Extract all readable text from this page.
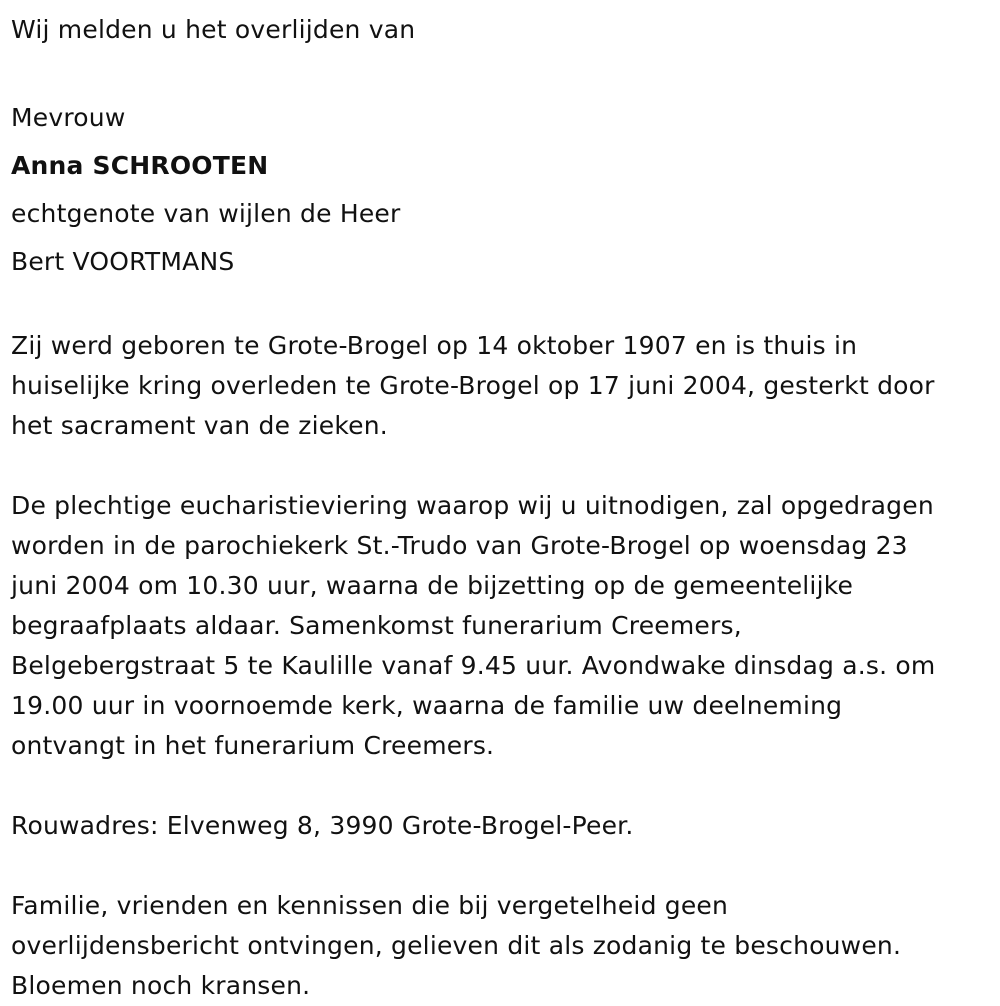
Wij melden u het overlijden van

Mevrouw

Anna SCHROOTEN

echtgenote van wijlen de Heer

Bert VOORTMANS

Zij werd geboren te Grote-Brogel op 14 oktober 1907 en is thuis in

huiselijke kring overleden te Grote-Brogel op 17 juni 2004, gesterkt door

het sacrament van de zieken.

De plechtige eucharistieviering waarop wij u uitnodigen, zal opgedragen

worden in de parochiekerk St.-Trudo van Grote-Brogel op woensdag 23

juni 2004 om 10.30 uur, waarna de bijzetting op de gemeentelijke

begraafplaats aldaar. Samenkomst funerarium Creemers,

Belgebergstraat 5 te Kaulille vanaf 9.45 uur. Avondwake dinsdag a.s. om

19.00 uur in voornoemde kerk, waarna de familie uw deelneming

ontvangt in het funerarium Creemers.

Rouwadres: Elvenweg 8, 3990 Grote-Brogel-Peer.

Familie, vrienden en kennissen die bij vergetelheid geen

overlijdensbericht ontvingen, gelieven dit als zodanig te beschouwen.

Bloemen noch kransen.
